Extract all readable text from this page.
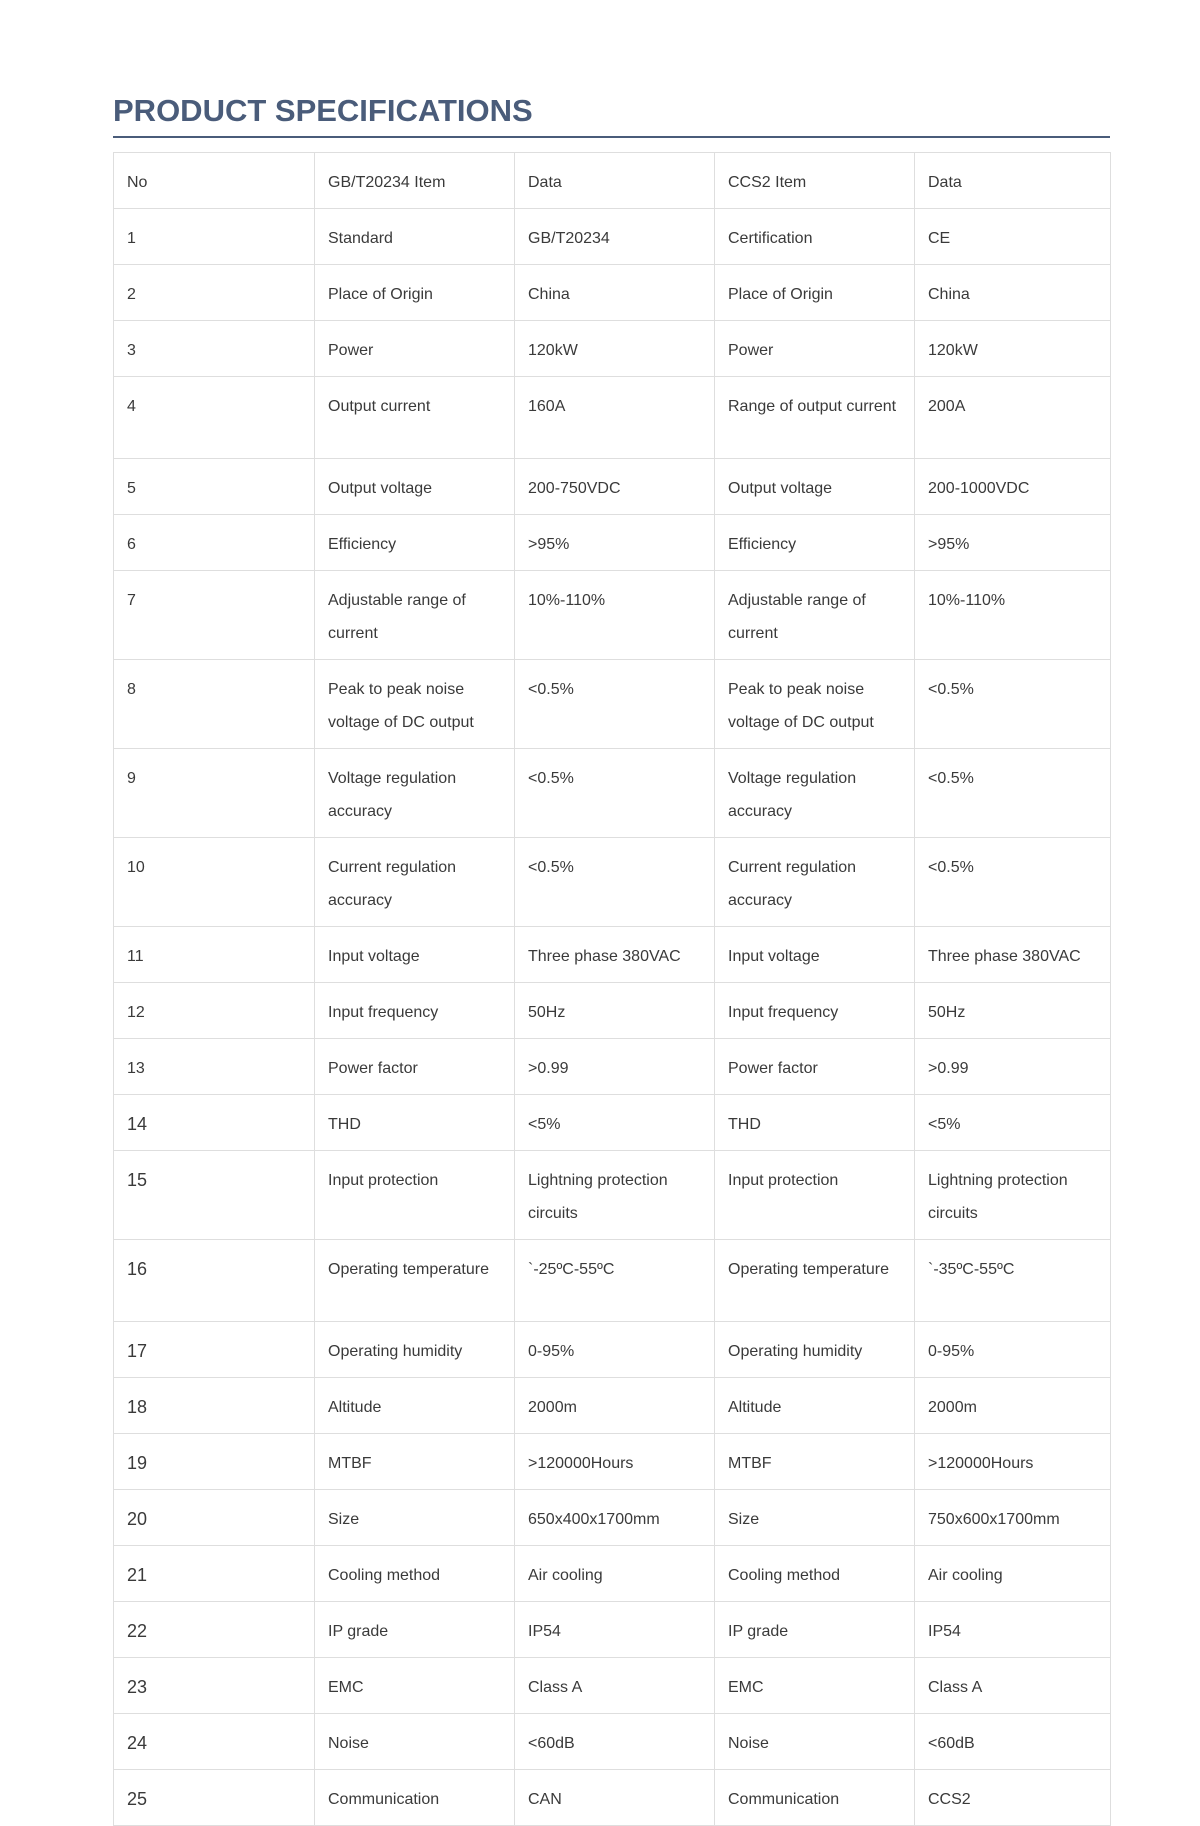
PRODUCT SPECIFICATIONS
No	GB/T20234 Item	Data	CCS2 Item	Data
1	Standard	GB/T20234	Certification	CE
2	Place of Origin	China	Place of Origin	China
3	Power	120kW	Power	120kW
4	Output current	160A	Range of output current	200A
5	Output voltage	200-750VDC	Output voltage	200-1000VDC
6	Efficiency	>95%	Efficiency	>95%
7	Adjustable range of current	10%-110%	Adjustable range of current	10%-110%
8	Peak to peak noise voltage of DC output	<0.5%	Peak to peak noise voltage of DC output	<0.5%
9	Voltage regulation accuracy	<0.5%	Voltage regulation accuracy	<0.5%
10	Current regulation accuracy	<0.5%	Current regulation accuracy	<0.5%
11	Input voltage	Three phase 380VAC	Input voltage	Three phase 380VAC
12	Input frequency	50Hz	Input frequency	50Hz
13	Power factor	>0.99	Power factor	>0.99
14	THD	<5%	THD	<5%
15	Input protection	Lightning protection circuits	Input protection	Lightning protection circuits
16	Operating temperature	`-25ºC-55ºC	Operating temperature	`-35ºC-55ºC
17	Operating humidity	0-95%	Operating humidity	0-95%
18	Altitude	2000m	Altitude	2000m
19	MTBF	>120000Hours	MTBF	>120000Hours
20	Size	650x400x1700mm	Size	750x600x1700mm
21	Cooling method	Air cooling	Cooling method	Air cooling
22	IP grade	IP54	IP grade	IP54
23	EMC	Class A	EMC	Class A
24	Noise	<60dB	Noise	<60dB
25	Communication	CAN	Communication	CCS2
